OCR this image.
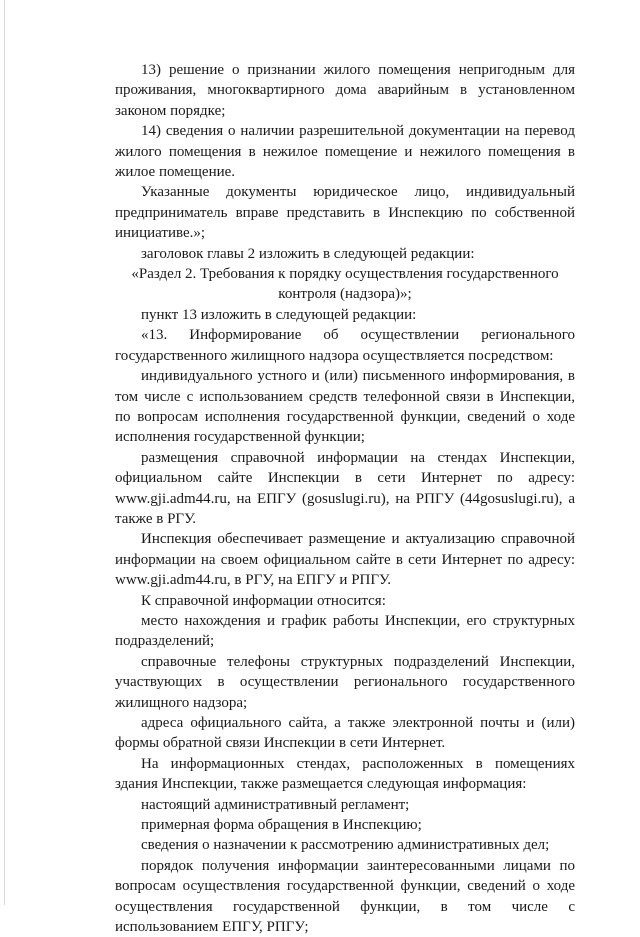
13) решение о признании жилого помещения непригодным для проживания, многоквартирного дома аварийным в установленном законом порядке;

14) сведения о наличии разрешительной документации на перевод жилого помещения в нежилое помещение и нежилого помещения в жилое помещение.

Указанные документы юридическое лицо, индивидуальный предприниматель вправе представить в Инспекцию по собственной инициативе.»;

заголовок главы 2 изложить в следующей редакции:

«Раздел 2. Требования к порядку осуществления государственного контроля (надзора)»;

пункт 13 изложить в следующей редакции:

«13. Информирование об осуществлении регионального государственного жилищного надзора осуществляется посредством:

индивидуального устного и (или) письменного информирования, в том числе с использованием средств телефонной связи в Инспекции, по вопросам исполнения государственной функции, сведений о ходе исполнения государственной функции;

размещения справочной информации на стендах Инспекции, официальном сайте Инспекции в сети Интернет по адресу: www.gji.adm44.ru, на ЕПГУ (gosuslugi.ru), на РПГУ (44gosuslugi.ru), а также в РГУ.

Инспекция обеспечивает размещение и актуализацию справочной информации на своем официальном сайте в сети Интернет по адресу: www.gji.adm44.ru, в РГУ, на ЕПГУ и РПГУ.

К справочной информации относится:

место нахождения и график работы Инспекции, его структурных подразделений;

справочные телефоны структурных подразделений Инспекции, участвующих в осуществлении регионального государственного жилищного надзора;

адреса официального сайта, а также электронной почты и (или) формы обратной связи Инспекции в сети Интернет.

На информационных стендах, расположенных в помещениях здания Инспекции, также размещается следующая информация:

настоящий административный регламент;

примерная форма обращения в Инспекцию;

сведения о назначении к рассмотрению административных дел;

порядок получения информации заинтересованными лицами по вопросам осуществления государственной функции, сведений о ходе осуществления государственной функции, в том числе с использованием ЕПГУ, РПГУ;
